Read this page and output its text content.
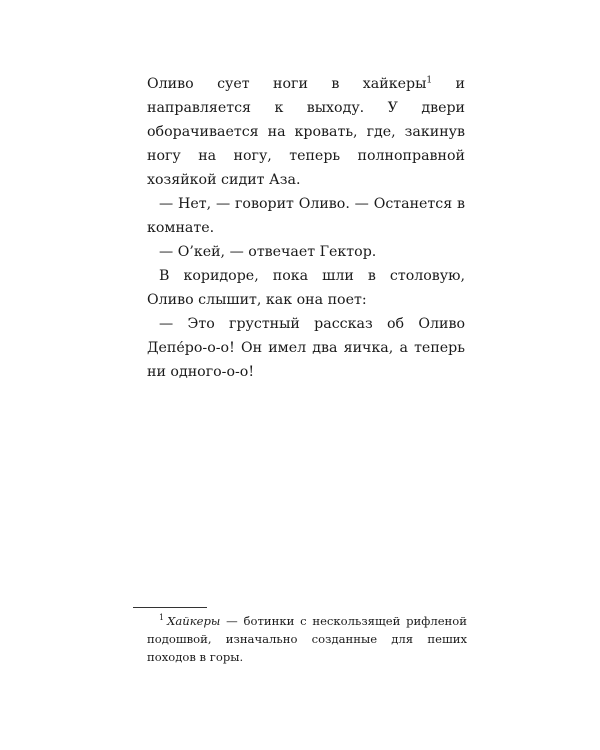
Оливо сует ноги в хайкеры$^1$ и направляется к выходу. У двери оборачивается на кровать, где, закинув ногу на ногу, теперь полноправной хозяйкой сидит Аза.

— Нет, — говорит Оливо. — Останется в комнате.

— О’кей, — отвечает Гектор.

В коридоре, пока шли в столовую, Оливо слышит, как она поет:

— Это грустный рассказ об Оливо Депе́ро-о-о! Он имел два яичка, а теперь ни одного-о-о!

$^1$ Хайкеры — ботинки с нескользящей рифленой подошвой, изначально созданные для пеших походов в горы.
